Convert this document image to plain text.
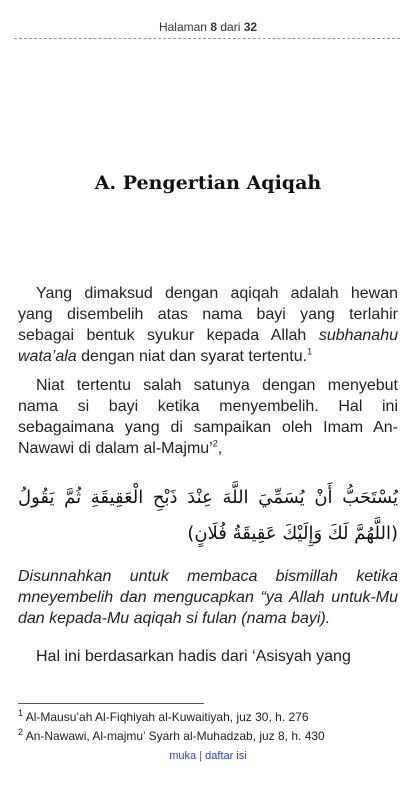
Halaman 8 dari 32
A. Pengertian Aqiqah
Yang dimaksud dengan aqiqah adalah hewan yang disembelih atas nama bayi yang terlahir sebagai bentuk syukur kepada Allah subhanahu wata’ala dengan niat dan syarat tertentu.$^1$
Niat tertentu salah satunya dengan menyebut nama si bayi ketika menyembelih. Hal ini sebagaimana yang di sampaikan oleh Imam An-Nawawi di dalam al-Majmu’$^2$,
يُسْتَحَبُّ أَنْ يُسَمِّيَ اللَّهَ عِنْدَ ذَبْحِ الْعَقِيقَةِ ثُمَّ يَقُولُ (اللَّهُمَّ لَكَ وَإِلَيْكَ عَقِيقَةُ فُلَانٍ)
Disunnahkan untuk membaca bismillah ketika mneyembelih dan mengucapkan “ya Allah untuk-Mu dan kepada-Mu aqiqah si fulan (nama bayi).
Hal ini berdasarkan hadis dari ‘Asisyah yang
$^1$ Al-Mausu’ah Al-Fiqhiyah al-Kuwaitiyah, juz 30, h. 276
$^2$ An-Nawawi, Al-majmu’ Syarh al-Muhadzab, juz 8, h. 430
muka | daftar isi
